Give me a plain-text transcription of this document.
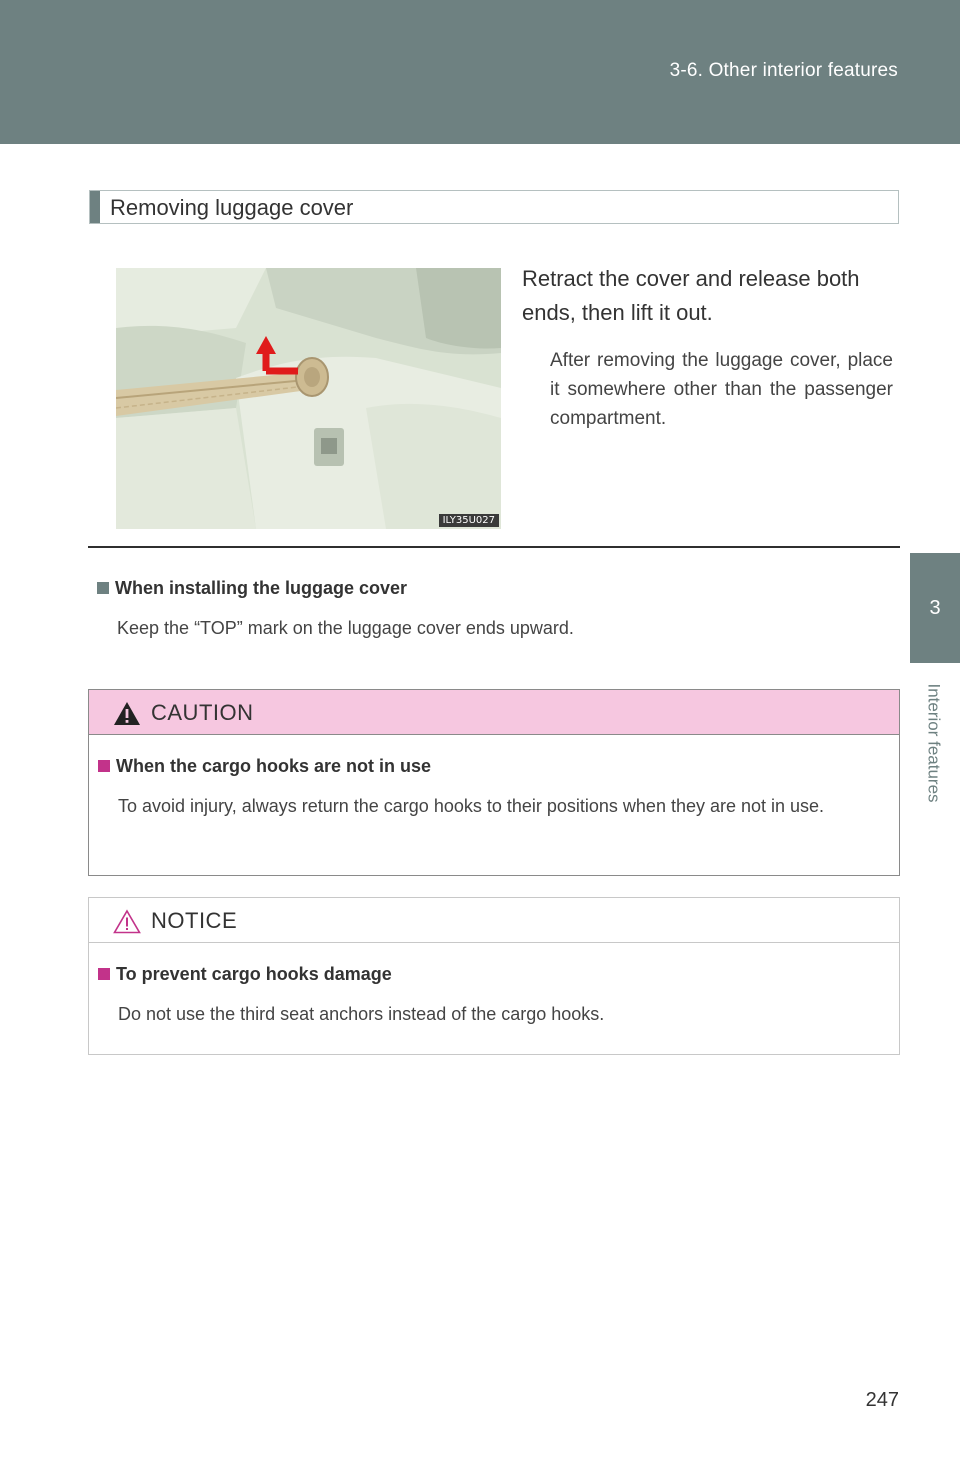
3-6. Other interior features
3
Interior features
Removing luggage cover
ILY35U027
Retract the cover and release both ends, then lift it out.
After removing the luggage cover, place it somewhere other than the passenger compartment.
When installing the luggage cover
Keep the “TOP” mark on the luggage cover ends upward.
CAUTION
When the cargo hooks are not in use
To avoid injury, always return the cargo hooks to their positions when they are not in use.
NOTICE
To prevent cargo hooks damage
Do not use the third seat anchors instead of the cargo hooks.
247
